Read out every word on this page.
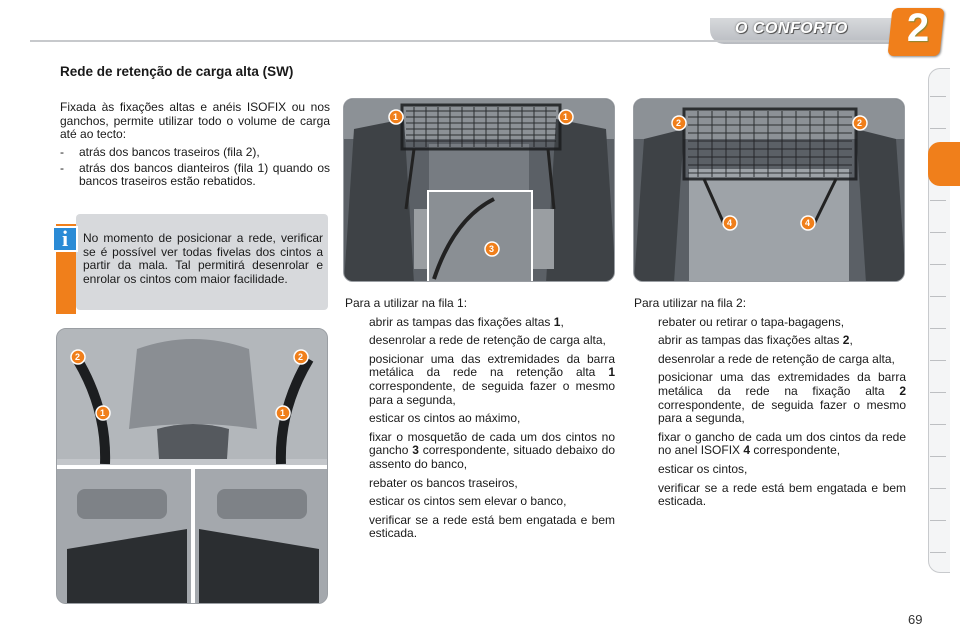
O CONFORTO 2
Rede de retenção de carga alta (SW)
Fixada às fixações altas e anéis ISOFIX ou nos ganchos, permite utilizar todo o volume de carga até ao tecto:
- atrás dos bancos traseiros (fila 2),
- atrás dos bancos dianteiros (fila 1) quando os bancos traseiros estão rebatidos.
i	No momento de posicionar a rede, verificar se é possível ver todas fivelas dos cintos a partir da mala. Tal permitirá desenrolar e enrolar os cintos com maior facilidade.
1	1
3
2	2
4	4
2	2
1	1
Para a utilizar na fila 1:
abrir as tampas das fixações altas 1,
desenrolar a rede de retenção de carga alta,
posicionar uma das extremidades da barra metálica da rede na retenção alta 1 correspondente, de seguida fazer o mesmo para a segunda,
esticar os cintos ao máximo,
fixar o mosquetão de cada um dos cintos no gancho 3 correspondente, situado debaixo do assento do banco,
rebater os bancos traseiros,
esticar os cintos sem elevar o banco,
verificar se a rede está bem engatada e bem esticada.
Para utilizar na fila 2:
rebater ou retirar o tapa-bagagens,
abrir as tampas das fixações altas 2,
desenrolar a rede de retenção de carga alta,
posicionar uma das extremidades da barra metálica da rede na fixação alta 2 correspondente, de seguida fazer o mesmo para a segunda,
fixar o gancho de cada um dos cintos da rede no anel ISOFIX 4 correspondente,
esticar os cintos,
verificar se a rede está bem engatada e bem esticada.
69
